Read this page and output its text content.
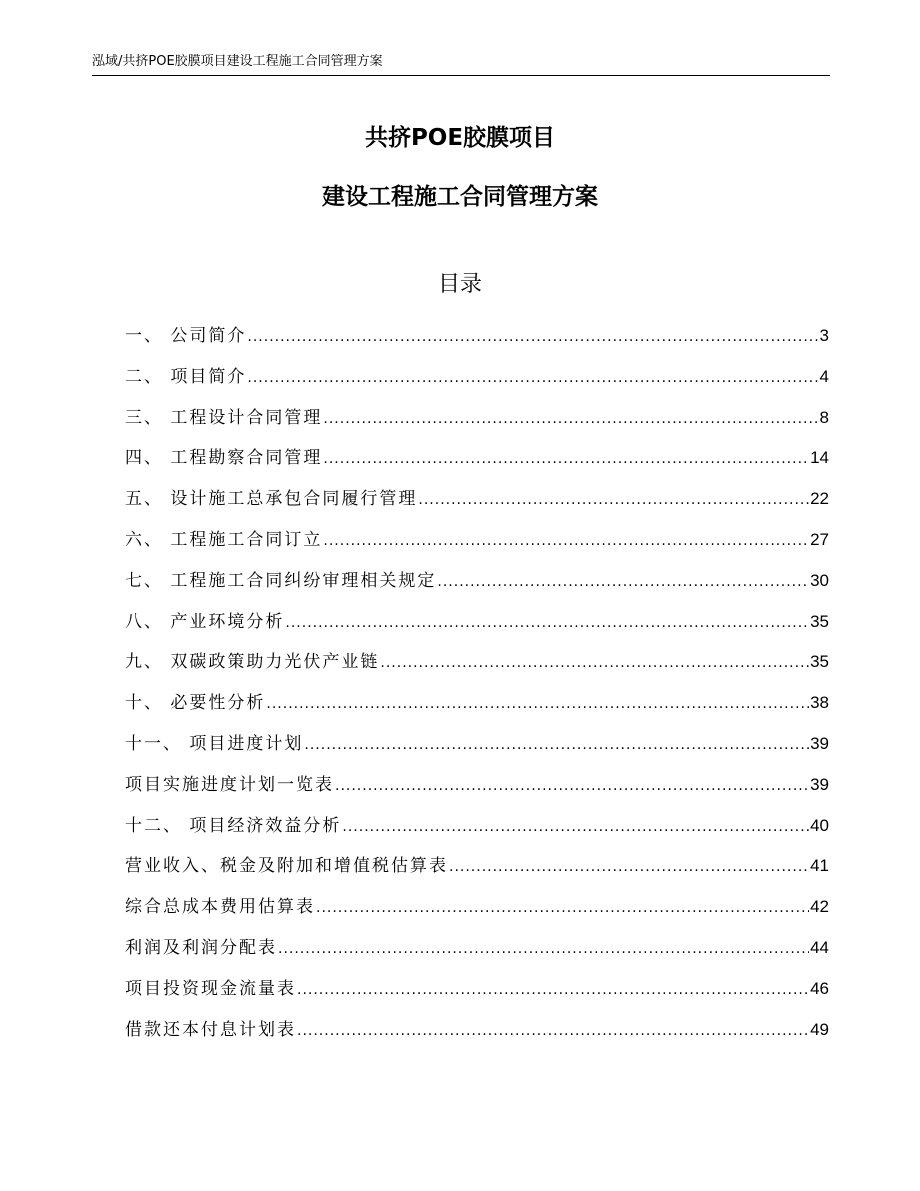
泓域/共挤POE胶膜项目建设工程施工合同管理方案
共挤POE胶膜项目
建设工程施工合同管理方案
目录
一、 公司简介 .....	3
二、 项目简介 .....	4
三、 工程设计合同管理 .....	8
四、 工程勘察合同管理 .....	14
五、 设计施工总承包合同履行管理 .....	22
六、 工程施工合同订立 .....	27
七、 工程施工合同纠纷审理相关规定 .....	30
八、 产业环境分析 .....	35
九、 双碳政策助力光伏产业链 .....	35
十、 必要性分析 .....	38
十一、 项目进度计划 .....	39
项目实施进度计划一览表 .....	39
十二、 项目经济效益分析 .....	40
营业收入、税金及附加和增值税估算表 .....	41
综合总成本费用估算表 .....	42
利润及利润分配表 .....	44
项目投资现金流量表 .....	46
借款还本付息计划表 .....	49
